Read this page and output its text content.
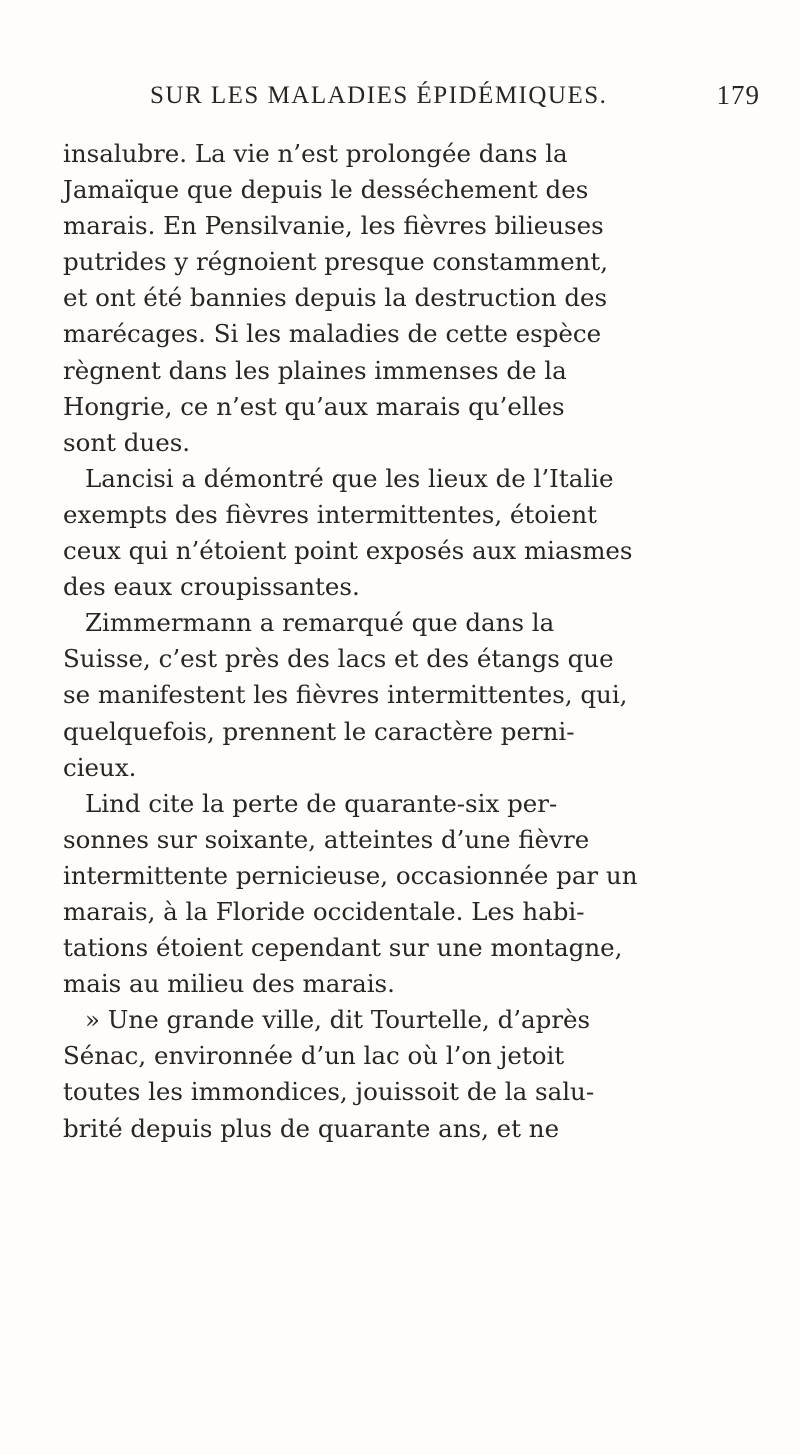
SUR LES MALADIES ÉPIDÉMIQUES.	179
insalubre. La vie n’est prolongée dans la
Jamaïque que depuis le desséchement des
marais. En Pensilvanie, les fièvres bilieuses
putrides y régnoient presque constamment,
et ont été bannies depuis la destruction des
marécages. Si les maladies de cette espèce
règnent dans les plaines immenses de la
Hongrie, ce n’est qu’aux marais qu’elles
sont dues.
Lancisi a démontré que les lieux de l’Italie
exempts des fièvres intermittentes, étoient
ceux qui n’étoient point exposés aux miasmes
des eaux croupissantes.
Zimmermann a remarqué que dans la
Suisse, c’est près des lacs et des étangs que
se manifestent les fièvres intermittentes, qui,
quelquefois, prennent le caractère perni-
cieux.
Lind cite la perte de quarante-six per-
sonnes sur soixante, atteintes d’une fièvre
intermittente pernicieuse, occasionnée par un
marais, à la Floride occidentale. Les habi-
tations étoient cependant sur une montagne,
mais au milieu des marais.
» Une grande ville, dit Tourtelle, d’après
Sénac, environnée d’un lac où l’on jetoit
toutes les immondices, jouissoit de la salu-
brité depuis plus de quarante ans, et ne
